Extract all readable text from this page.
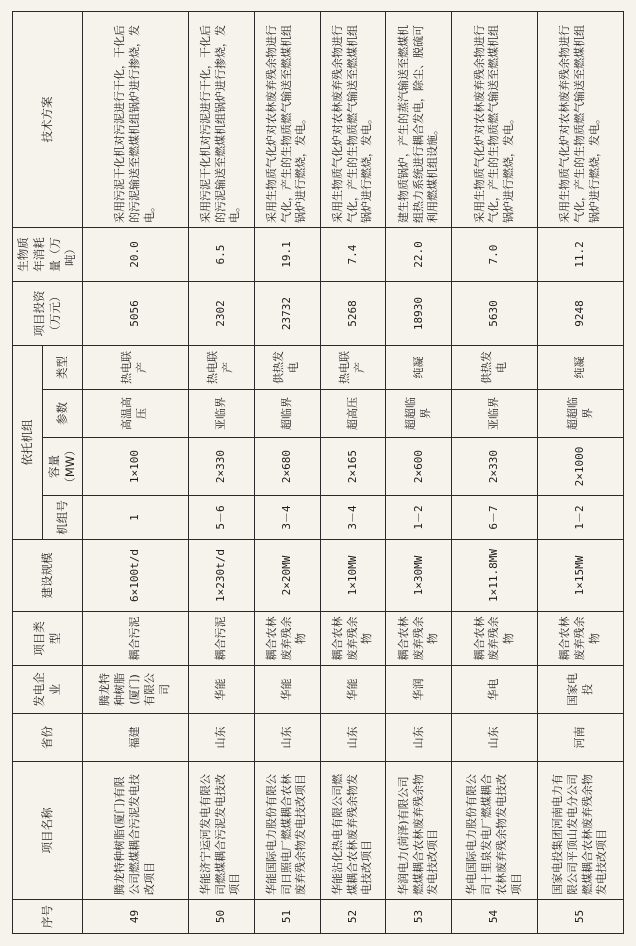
序号	项目名称	省份	发电企业	项目类型	建设规模	依托机组				项目投资（万元）	生物质年消耗量（万吨）	技术方案
						机组号	容量（MW）	参数	类型			
49	腾龙特种树脂(厦门)有限公司燃煤耦合污泥发电技改项目	福建	腾龙特种树脂(厦门)有限公司	耦合污泥	6×100t/d	1	1×100	高温高压	热电联产	5056	20.0	采用污泥干化机对污泥进行干化，干化后的污泥输送至燃煤机组锅炉进行掺烧，发电。
50	华能济宁运河发电有限公司燃煤耦合污泥发电技改项目	山东	华能	耦合污泥	1×230t/d	5－6	2×330	亚临界	热电联产	2302	6.5	采用污泥干化机对污泥进行干化，干化后的污泥输送至燃煤机组锅炉进行掺烧，发电。
51	华能国际电力股份有限公司日照电厂燃煤耦合农林废弃残余物发电技改项目	山东	华能	耦合农林废弃残余物	2×20MW	3－4	2×680	超临界	供热发电	23732	19.1	采用生物质气化炉对农林废弃残余物进行气化，产生的生物质燃气输送至燃煤机组锅炉进行燃烧，发电。
52	华能沾化热电有限公司燃煤耦合农林废弃残余物发电技改项目	山东	华能	耦合农林废弃残余物	1×10MW	3－4	2×165	超高压	热电联产	5268	7.4	采用生物质气化炉对农林废弃残余物进行气化，产生的生物质燃气输送至燃煤机组锅炉进行燃烧，发电。
53	华润电力(菏泽)有限公司燃煤耦合农林废弃残余物发电技改项目	山东	华润	耦合农林废弃残余物	1×30MW	1－2	2×600	超超临界	纯凝	18930	22.0	建生物质锅炉，产生的蒸汽输送至燃煤机组热力系统进行耦合发电，除尘、脱硫可利用燃煤机组设施。
54	华电国际电力股份有限公司十里泉发电厂燃煤耦合农林废弃残余物发电技改项目	山东	华电	耦合农林废弃残余物	1×11.8MW	6－7	2×330	亚临界	供热发电	5630	7.0	采用生物质气化炉对农林废弃残余物进行气化，产生的生物质燃气输送至燃煤机组锅炉进行燃烧，发电。
55	国家电投集团河南电力有限公司平顶山发电分公司燃煤耦合农林废弃残余物发电技改项目	河南	国家电投	耦合农林废弃残余物	1×15MW	1－2	2×1000	超超临界	纯凝	9248	11.2	采用生物质气化炉对农林废弃残余物进行气化，产生的生物质燃气输送至燃煤机组锅炉进行燃烧，发电。
